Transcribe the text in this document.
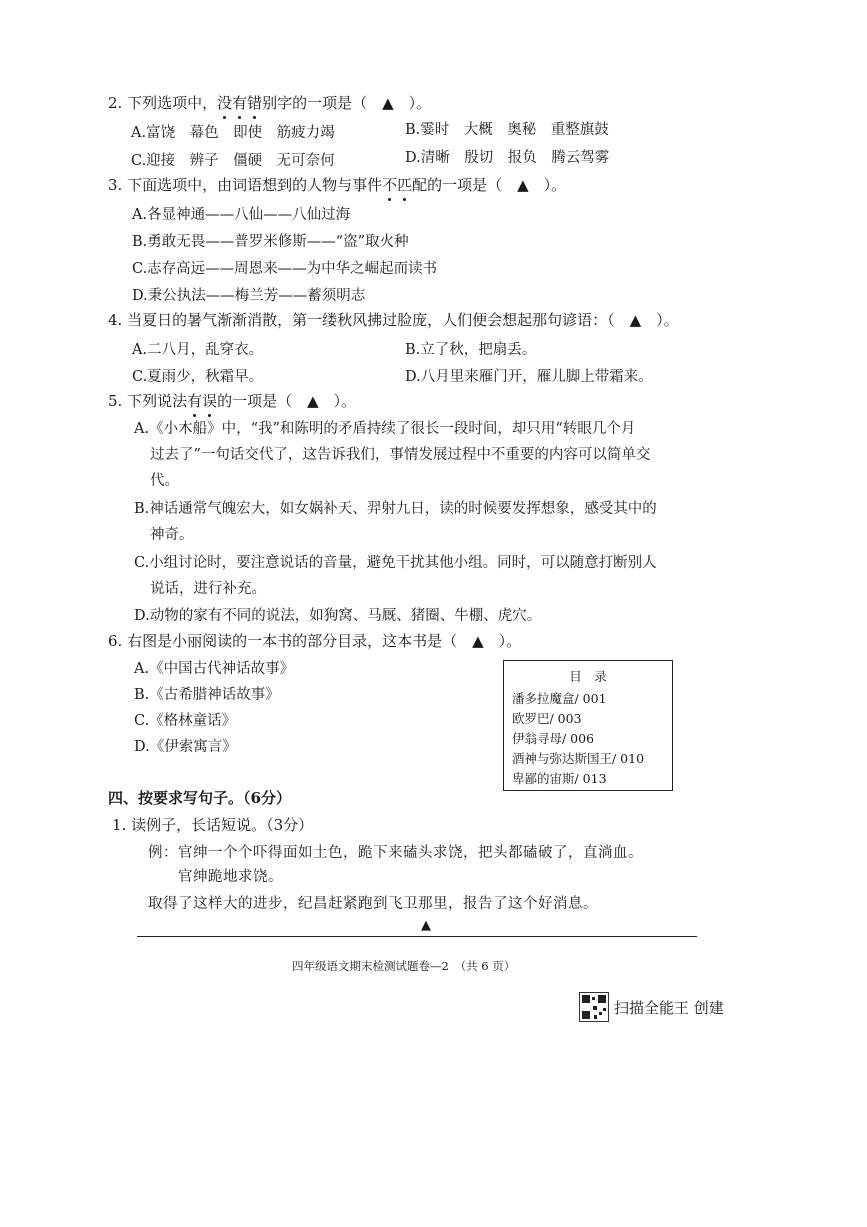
2. 下列选项中，没有错别字的一项是（　▲　）。
A.富饶　幕色　即使　筋疲力竭	B.霎时　大概　奥秘　重整旗鼓
C.迎接　辨子　僵硬　无可奈何	D.清晰　殷切　报负　腾云驾雾
3. 下面选项中，由词语想到的人物与事件不匹配的一项是（　▲　）。
A.各显神通——八仙——八仙过海
B.勇敢无畏——普罗米修斯——“盗”取火种
C.志存高远——周恩来——为中华之崛起而读书
D.秉公执法——梅兰芳——蓄须明志
4. 当夏日的暑气渐渐消散，第一缕秋风拂过脸庞，人们便会想起那句谚语：（　▲　）。
A.二八月，乱穿衣。	B.立了秋，把扇丢。
C.夏雨少，秋霜早。	D.八月里来雁门开，雁儿脚上带霜来。
5. 下列说法有误的一项是（　▲　）。
A.《小木船》中，“我”和陈明的矛盾持续了很长一段时间，却只用“转眼几个月
过去了”一句话交代了，这告诉我们，事情发展过程中不重要的内容可以简单交
代。
B.神话通常气魄宏大，如女娲补天、羿射九日，读的时候要发挥想象，感受其中的
神奇。
C.小组讨论时，要注意说话的音量，避免干扰其他小组。同时，可以随意打断别人
说话，进行补充。
D.动物的家有不同的说法，如狗窝、马厩、猪圈、牛棚、虎穴。
6. 右图是小丽阅读的一本书的部分目录，这本书是（　▲　）。
A.《中国古代神话故事》
B.《古希腊神话故事》
C.《格林童话》
D.《伊索寓言》
目　录
潘多拉魔盒/ 001
欧罗巴/ 003
伊翁寻母/ 006
酒神与弥达斯国王/ 010
卑鄙的宙斯/ 013
四、按要求写句子。（6分）
1. 读例子，长话短说。（3分）
例：官绅一个个吓得面如土色，跪下来磕头求饶，把头都磕破了，直淌血。
官绅跪地求饶。
取得了这样大的进步，纪昌赶紧跑到飞卫那里，报告了这个好消息。
▲
四年级语文期末检测试题卷—2　（共 6 页）
扫描全能王 创建
